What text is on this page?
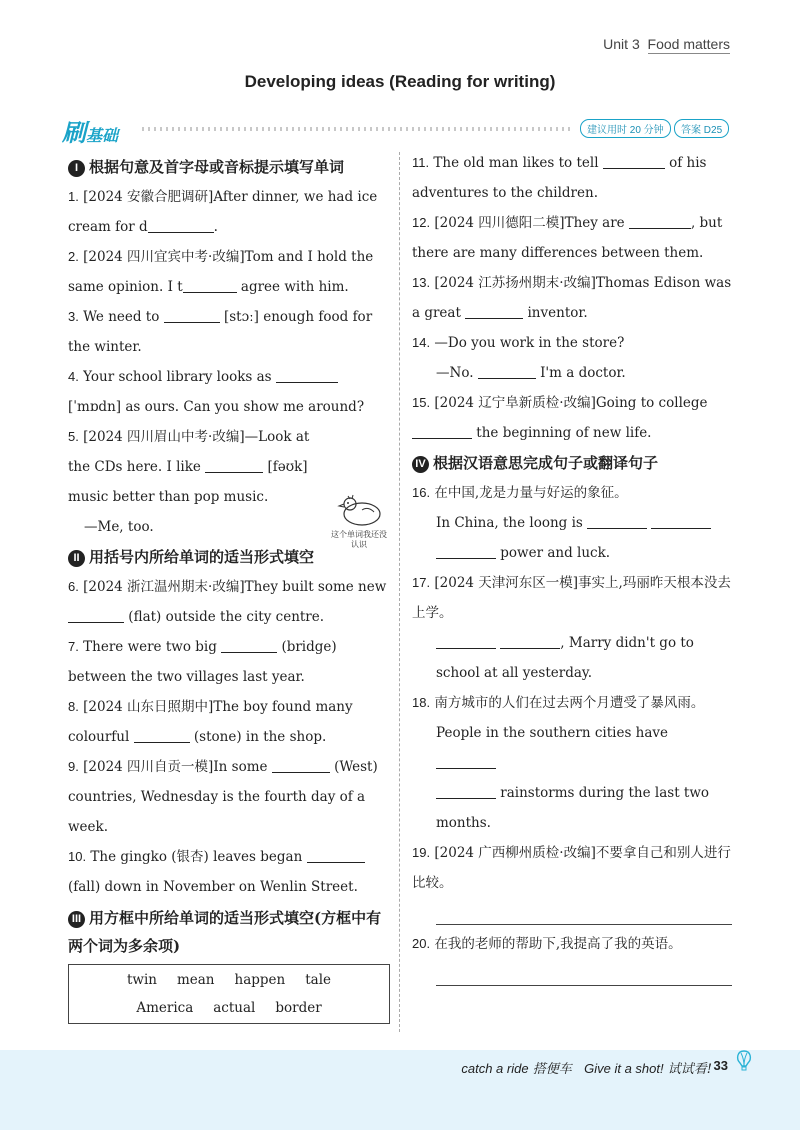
Unit 3 Food matters
Developing ideas (Reading for writing)
刷基础	建议用时 20 分钟	答案 D25
I 根据句意及首字母或音标提示填写单词
1. [2024 安徽合肥调研]After dinner, we had ice cream for d	.
2. [2024 四川宜宾中考·改编]Tom and I hold the same opinion. I t	agree with him.
3. We need to	[stɔː] enough food for the winter.
4. Your school library looks as  [ˈmɒdn] as ours. Can you show me around?
5. [2024 四川眉山中考·改编]—Look at the CDs here. I like	[fəʊk] music better than pop music.
—Me, too.
II 用括号内所给单词的适当形式填空
6. [2024 浙江温州期末·改编]They built some new  (flat) outside the city centre.
7. There were two big	(bridge) between the two villages last year.
8. [2024 山东日照期中]The boy found many colourful	(stone) in the shop.
9. [2024 四川自贡一模]In some	(West) countries, Wednesday is the fourth day of a week.
10. The gingko (银杏) leaves began  (fall) down in November on Wenlin Street.
III 用方框中所给单词的适当形式填空(方框中有两个词为多余项)
twin mean happen tale
America actual border
这个单词我还没认识
11. The old man likes to tell	of his adventures to the children.
12. [2024 四川德阳二模]They are	, but there are many differences between them.
13. [2024 江苏扬州期末·改编]Thomas Edison was a great	inventor.
14. —Do you work in the store?
—No.	I'm a doctor.
15. [2024 辽宁阜新质检·改编]Going to college  the beginning of new life.
IV 根据汉语意思完成句子或翻译句子
16. 在中国,龙是力量与好运的象征。
In China, the loong is
power and luck.
17. [2024 天津河东区一模]事实上,玛丽昨天根本没去上学。
, Marry didn't go to school at all yesterday.
18. 南方城市的人们在过去两个月遭受了暴风雨。
People in the southern cities have
rainstorms during the last two months.
19. [2024 广西柳州质检·改编]不要拿自己和别人进行比较。
20. 在我的老师的帮助下,我提高了我的英语。
catch a ride 搭便车 Give it a shot! 试试看! 33
